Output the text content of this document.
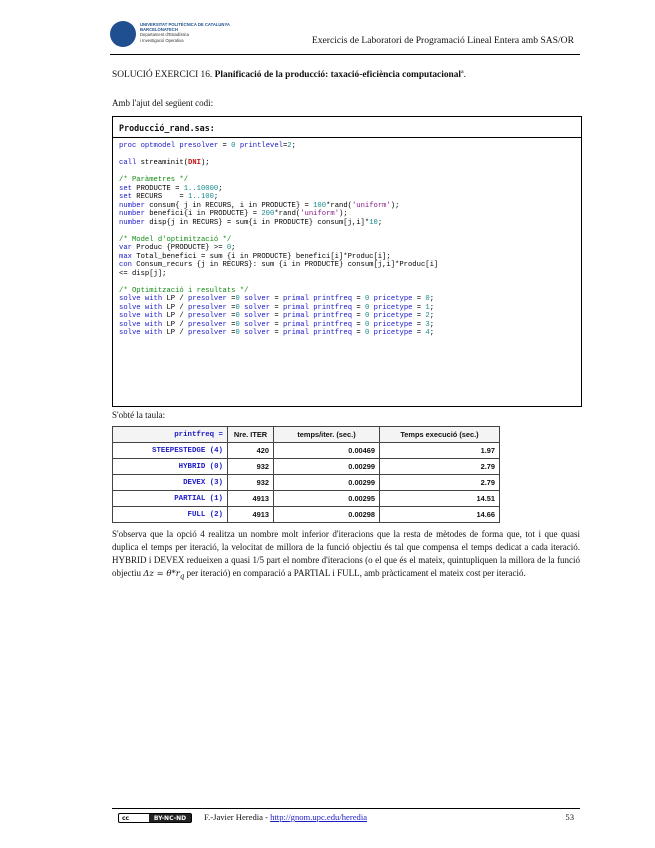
UNIVERSITAT POLITÈCNICA DE CATALUNYA
BARCELONATECH
Departament d'Estadística
i Investigació Operativa	Exercicis de Laboratori de Programació Lineal Entera amb SAS/OR
SOLUCIÓ EXERCICI 16. Planificació de la producció: taxació-eficiència computacionalª.
Amb l'ajut del següent codi:
Producció_rand.sas:
proc optmodel presolver = 0 printlevel=2;

call streaminit(DNI);

/* Paràmetres */
set PRODUCTE = 1..10000;
set RECURS    = 1..100;
number consum{ j in RECURS, i in PRODUCTE} = 100*rand('uniform');
number benefici{i in PRODUCTE} = 200*rand('uniform');
number disp{j in RECURS} = sum{i in PRODUCTE} consum[j,i]*10;

/* Model d'optimització */
var Produc {PRODUCTE} >= 0;
max Total_benefici = sum {i in PRODUCTE} benefici[i]*Produc[i];
con Consum_recurs {j in RECURS}: sum {i in PRODUCTE} consum[j,i]*Produc[i]
<= disp[j];

/* Optimització i resultats */
solve with LP / presolver =0 solver = primal printfreq = 0 pricetype = 0;
solve with LP / presolver =0 solver = primal printfreq = 0 pricetype = 1;
solve with LP / presolver =0 solver = primal printfreq = 0 pricetype = 2;
solve with LP / presolver =0 solver = primal printfreq = 0 pricetype = 3;
solve with LP / presolver =0 solver = primal printfreq = 0 pricetype = 4;
S'obté la taula:
printfreq =	Nre. ITER	temps/iter. (sec.)	Temps execució (sec.)
STEEPESTEDGE (4)	420	0.00469	1.97
HYBRID (0)	932	0.00299	2.79
DEVEX (3)	932	0.00299	2.79
PARTIAL (1)	4913	0.00295	14.51
FULL (2)	4913	0.00298	14.66

S'observa que la opció 4 realitza un nombre molt inferior d'iteracions que la resta de mètodes de forma que, tot i que quasi duplica el temps per iteració, la velocitat de millora de la funció objectiu és tal que compensa el temps dedicat a cada iteració. HYBRID i DEVEX redueixen a quasi 1/5 part el nombre d'iteracions (o el que és el mateix, quintupliquen la millora de la funció objectiu $\Delta z = \theta*r_q$ per iteració) en comparació a PARTIAL i FULL, amb pràcticament el mateix cost per iteració.

cc	BY-NC-ND	F.-Javier Heredia - http://gnom.upc.edu/heredia	53
